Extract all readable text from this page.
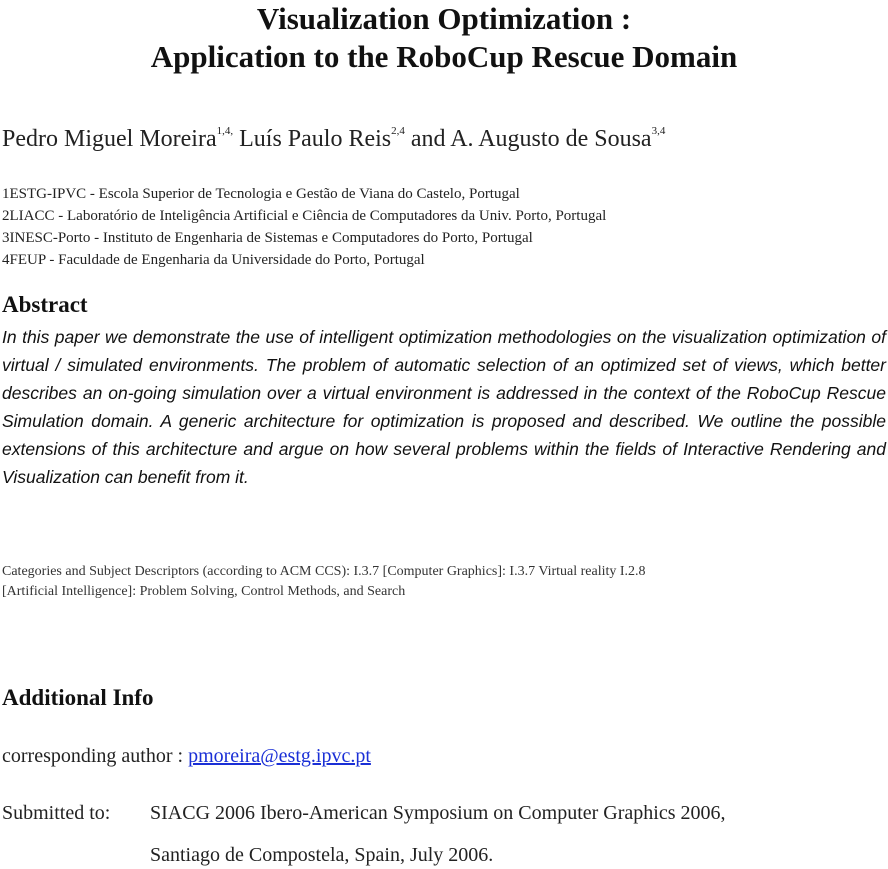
Visualization Optimization :
Application to the RoboCup Rescue Domain
Pedro Miguel Moreira$^{1,4,}$ Luís Paulo Reis$^{2,4}$ and A. Augusto de Sousa$^{3,4}$
1ESTG-IPVC - Escola Superior de Tecnologia e Gestão de Viana do Castelo, Portugal
2LIACC - Laboratório de Inteligência Artificial e Ciência de Computadores da Univ. Porto, Portugal
3INESC-Porto - Instituto de Engenharia de Sistemas e Computadores do Porto, Portugal
4FEUP - Faculdade de Engenharia da Universidade do Porto, Portugal
Abstract

In this paper we demonstrate the use of intelligent optimization methodologies on the visualization optimization of virtual / simulated environments. The problem of automatic selection of an optimized set of views, which better describes an on-going simulation over a virtual environment is addressed in the context of the RoboCup Rescue Simulation domain. A generic architecture for optimization is proposed and described. We outline the possible extensions of this architecture and argue on how several problems within the fields of Interactive Rendering and Visualization can benefit from it.

Categories and Subject Descriptors (according to ACM CCS): I.3.7 [Computer Graphics]: I.3.7 Virtual reality I.2.8
[Artificial Intelligence]: Problem Solving, Control Methods, and Search
Additional Info
corresponding author : pmoreira@estg.ipvc.pt
Submitted to: SIACG 2006 Ibero-American Symposium on Computer Graphics 2006,
Santiago de Compostela, Spain, July 2006.
